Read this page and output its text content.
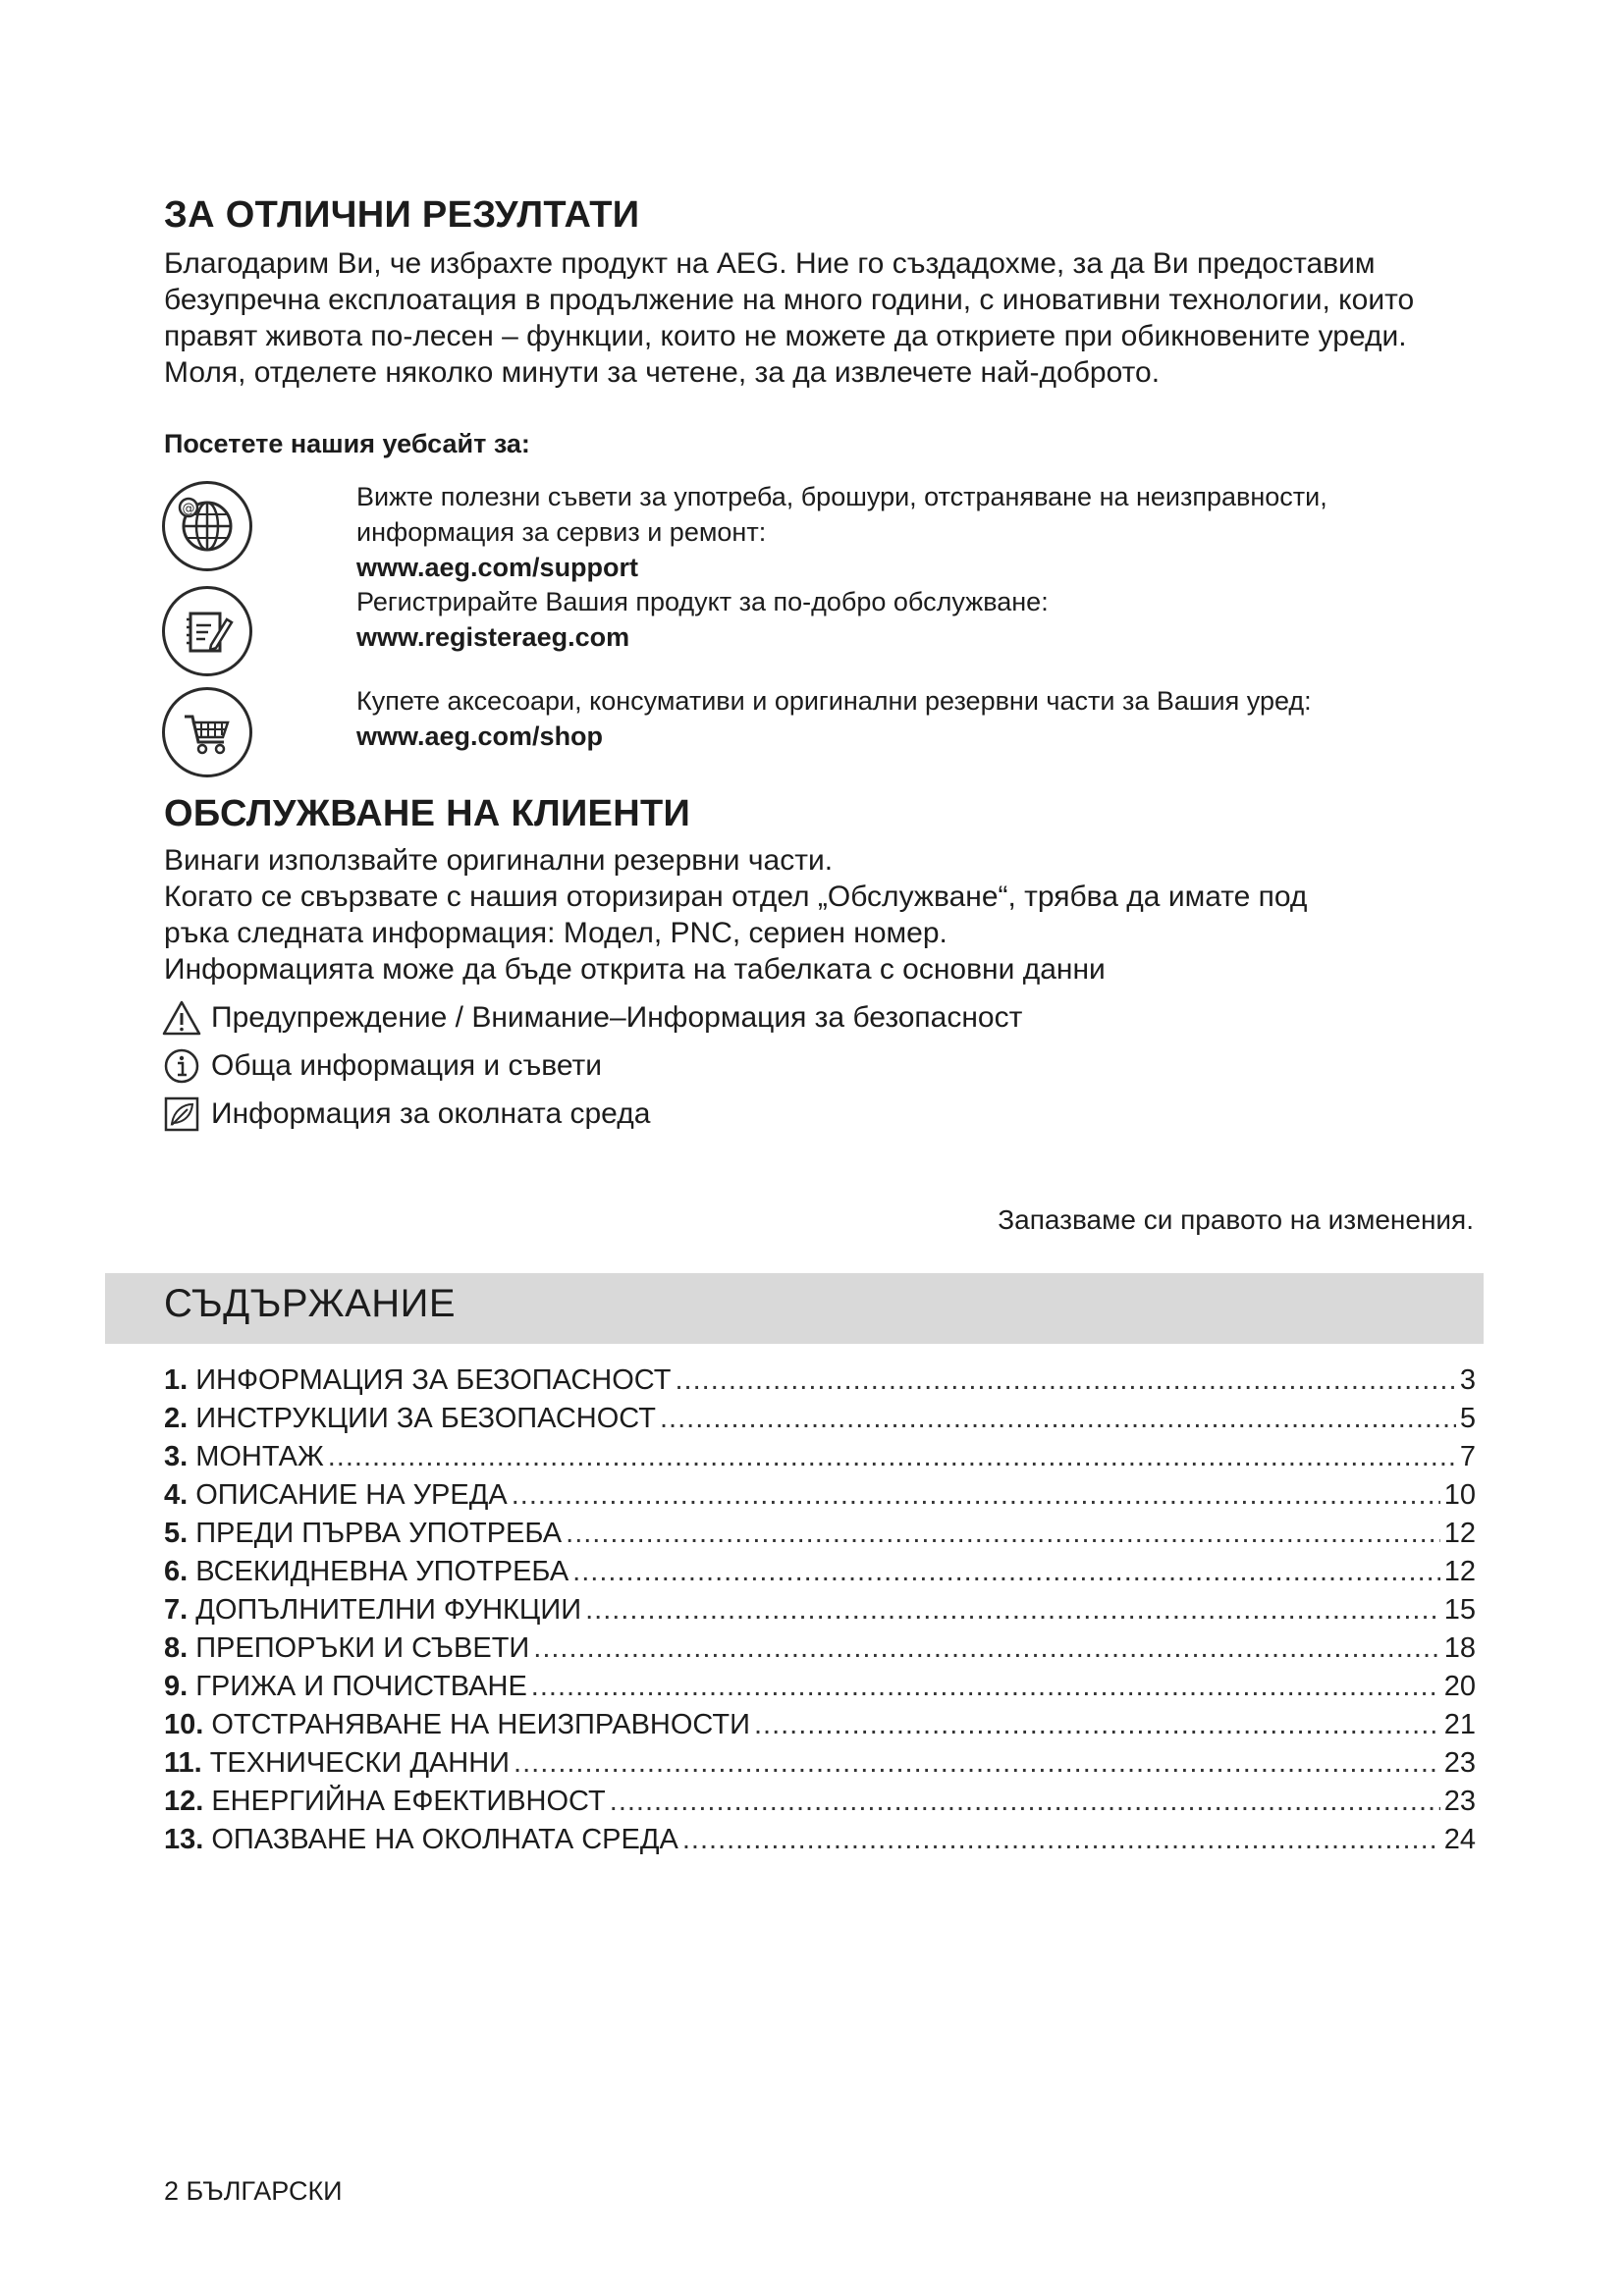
ЗА ОТЛИЧНИ РЕЗУЛТАТИ

Благодарим Ви, че избрахте продукт на AEG. Ние го създадохме, за да Ви предоставим безупречна експлоатация в продължение на много години, с иновативни технологии, които правят живота по-лесен – функции, които не можете да откриете при обикновените уреди. Моля, отделете няколко минути за четене, за да извлечете най-доброто.

Посетете нашия уебсайт за:
@	Вижте полезни съвети за употреба, брошури, отстраняване на неизправности, информация за сервиз и ремонт:
www.aeg.com/support
Регистрирайте Вашия продукт за по-добро обслужване:
www.registeraeg.com
Купете аксесоари, консумативи и оригинални резервни части за Вашия уред:
www.aeg.com/shop
ОБСЛУЖВАНЕ НА КЛИЕНТИ
Винаги използвайте оригинални резервни части.
Когато се свързвате с нашия оторизиран отдел „Обслужване“, трябва да имате под
ръка следната информация: Модел, PNC, сериен номер.
Информацията може да бъде открита на табелката с основни данни
Предупреждение / Внимание–Информация за безопасност
Обща информация и съвети
Информация за околната среда
Запазваме си правото на изменения.
СЪДЪРЖАНИЕ
1. ИНФОРМАЦИЯ ЗА БЕЗОПАСНОСТ .....	3
2. ИНСТРУКЦИИ ЗА БЕЗОПАСНОСТ .....	5
3. МОНТАЖ .....	7
4. ОПИСАНИЕ НА УРЕДА .....	10
5. ПРЕДИ ПЪРВА УПОТРЕБА .....	12
6. ВСЕКИДНЕВНА УПОТРЕБА .....	12
7. ДОПЪЛНИТЕЛНИ ФУНКЦИИ .....	15
8. ПРЕПОРЪКИ И СЪВЕТИ .....	18
9. ГРИЖА И ПОЧИСТВАНЕ .....	20
10. ОТСТРАНЯВАНЕ НА НЕИЗПРАВНОСТИ .....	21
11. ТЕХНИЧЕСКИ ДАННИ .....	23
12. ЕНЕРГИЙНА ЕФЕКТИВНОСТ .....	23
13. ОПАЗВАНЕ НА ОКОЛНАТА СРЕДА .....	24
2 БЪЛГАРСКИ
